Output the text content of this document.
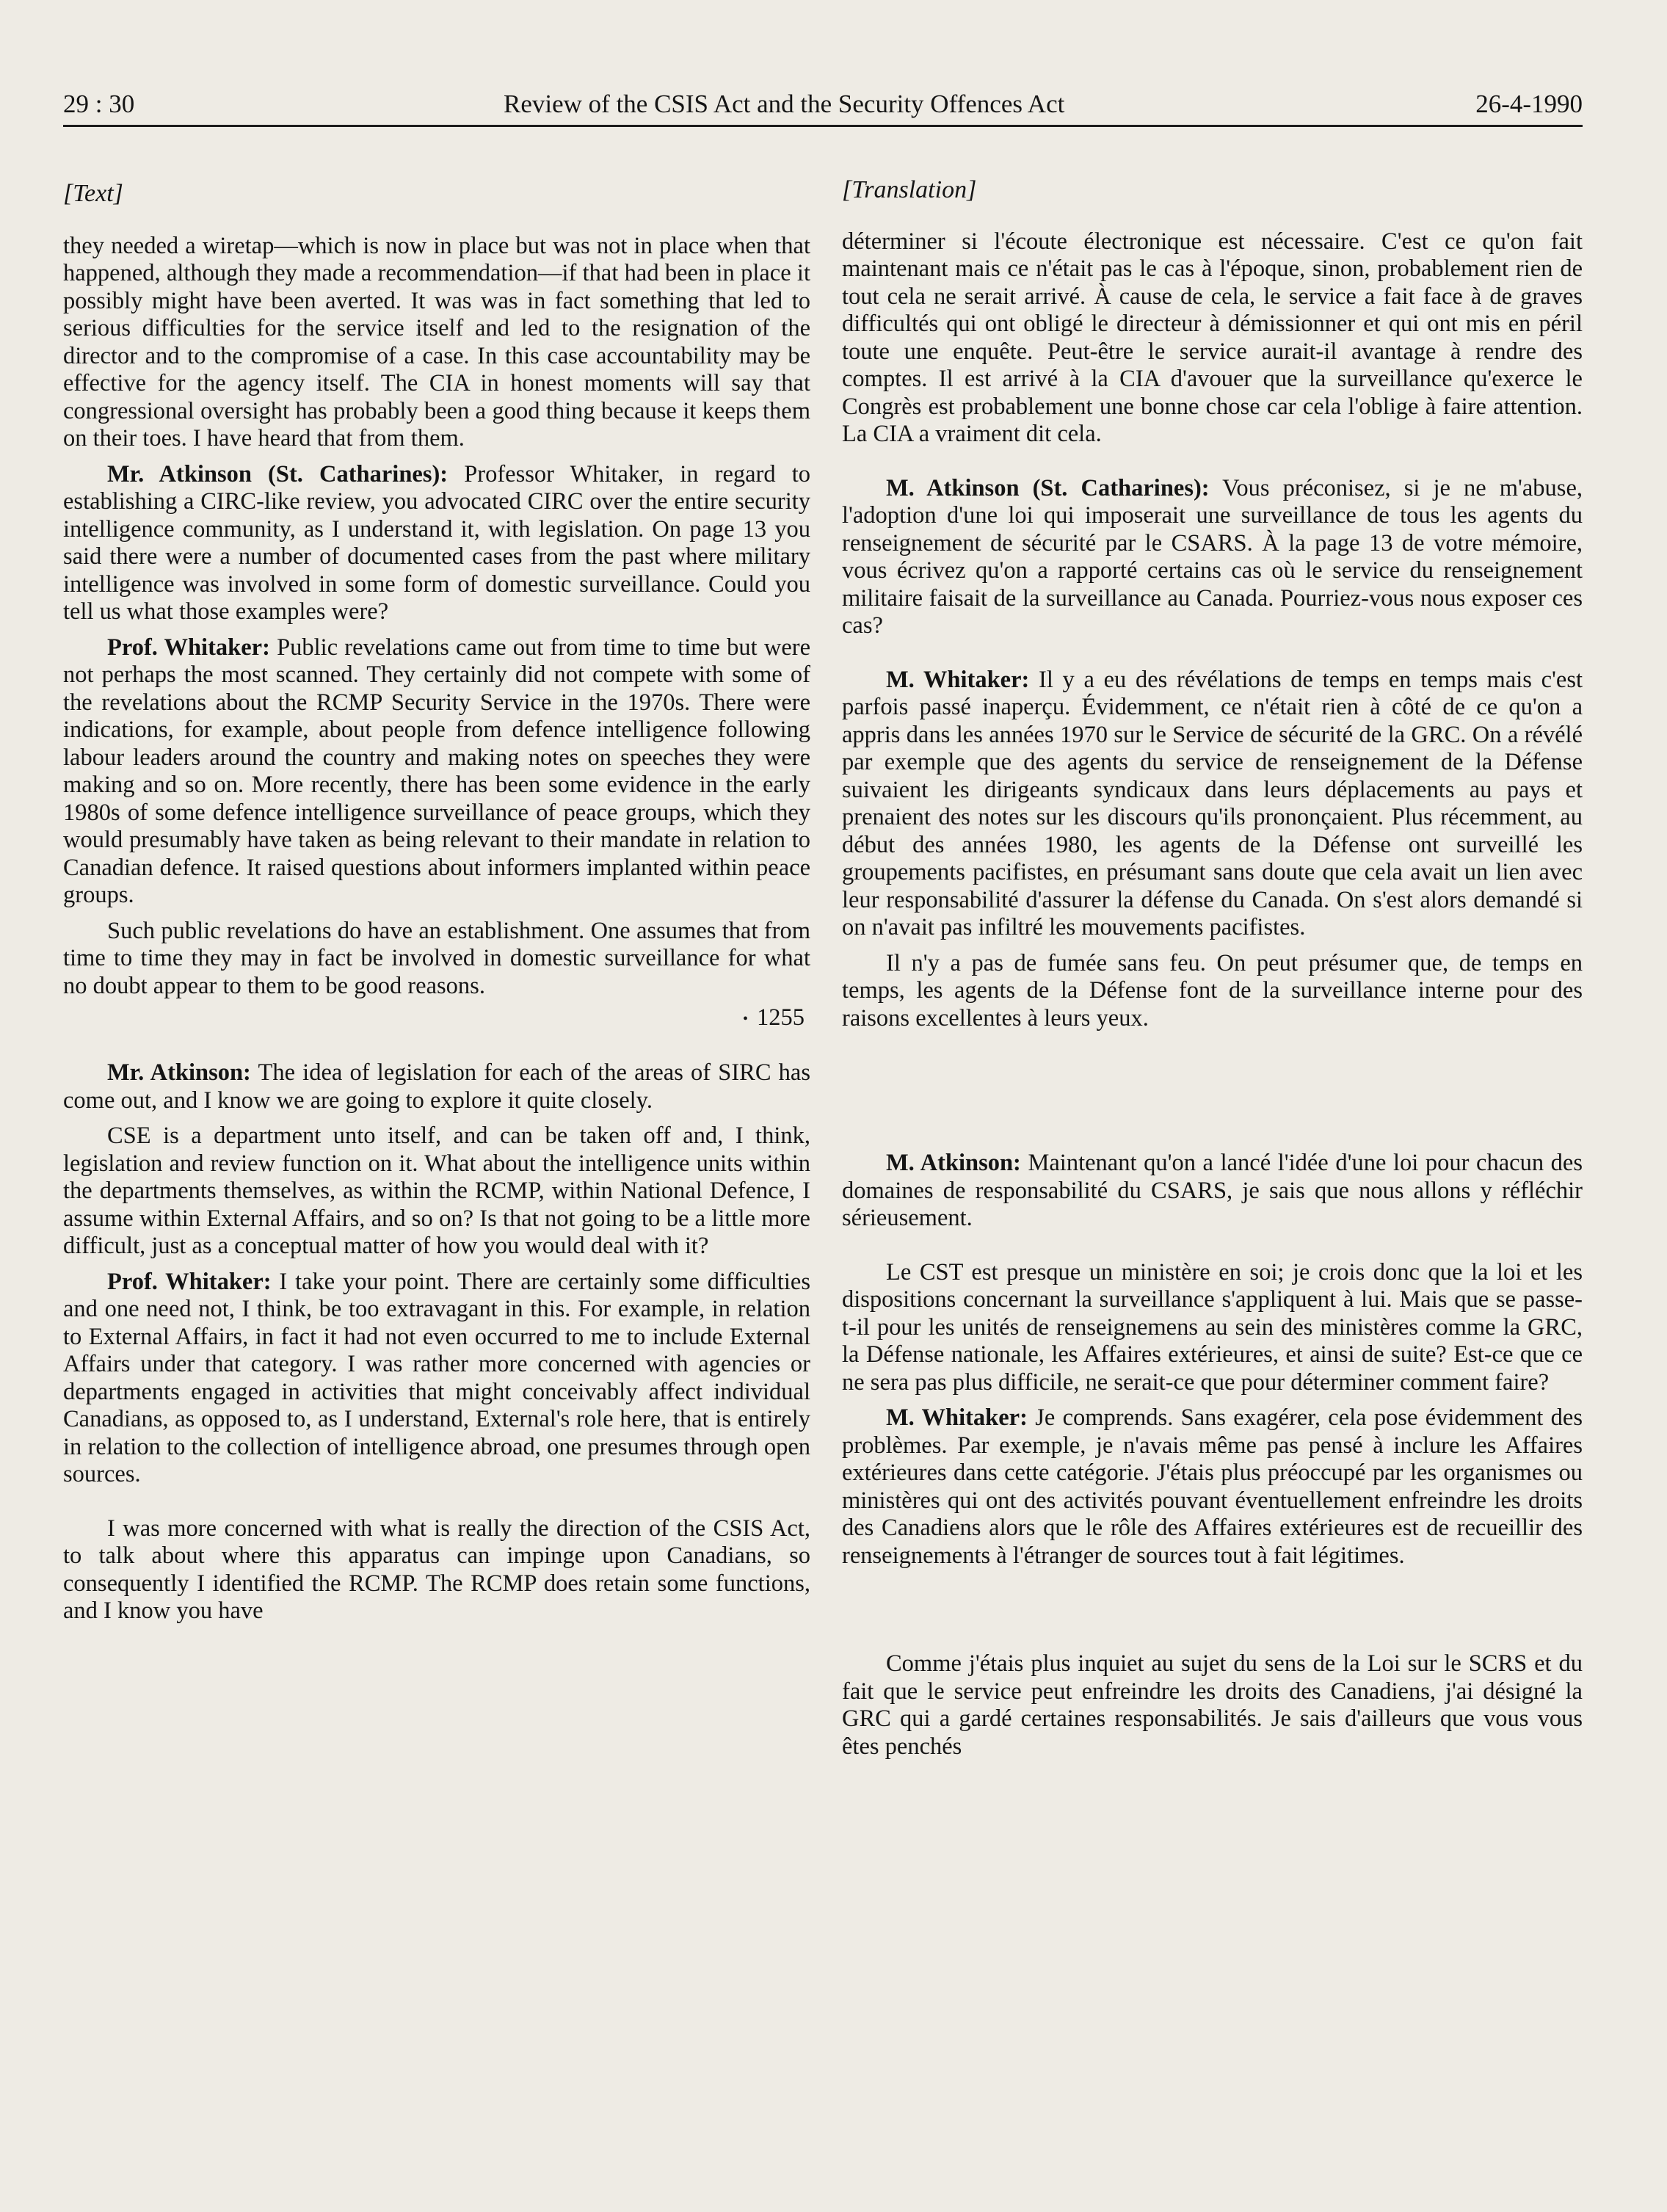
29 : 30	Review of the CSIS Act and the Security Offences Act	26-4-1990
[Text]

they needed a wiretap—which is now in place but was not in place when that happened, although they made a recommendation—if that had been in place it possibly might have been averted. It was was in fact something that led to serious difficulties for the service itself and led to the resignation of the director and to the compromise of a case. In this case accountability may be effective for the agency itself. The CIA in honest moments will say that congressional oversight has probably been a good thing because it keeps them on their toes. I have heard that from them.

Mr. Atkinson (St. Catharines): Professor Whitaker, in regard to establishing a CIRC-like review, you advocated CIRC over the entire security intelligence community, as I understand it, with legislation. On page 13 you said there were a number of documented cases from the past where military intelligence was involved in some form of domestic surveillance. Could you tell us what those examples were?

Prof. Whitaker: Public revelations came out from time to time but were not perhaps the most scanned. They certainly did not compete with some of the revelations about the RCMP Security Service in the 1970s. There were indications, for example, about people from defence intelligence following labour leaders around the country and making notes on speeches they were making and so on. More recently, there has been some evidence in the early 1980s of some defence intelligence surveillance of peace groups, which they would presumably have taken as being relevant to their mandate in relation to Canadian defence. It raised questions about informers implanted within peace groups.

Such public revelations do have an establishment. One assumes that from time to time they may in fact be involved in domestic surveillance for what no doubt appear to them to be good reasons.

• 1255

Mr. Atkinson: The idea of legislation for each of the areas of SIRC has come out, and I know we are going to explore it quite closely.

CSE is a department unto itself, and can be taken off and, I think, legislation and review function on it. What about the intelligence units within the departments themselves, as within the RCMP, within National Defence, I assume within External Affairs, and so on? Is that not going to be a little more difficult, just as a conceptual matter of how you would deal with it?

Prof. Whitaker: I take your point. There are certainly some difficulties and one need not, I think, be too extravagant in this. For example, in relation to External Affairs, in fact it had not even occurred to me to include External Affairs under that category. I was rather more concerned with agencies or departments engaged in activities that might conceivably affect individual Canadians, as opposed to, as I understand, External's role here, that is entirely in relation to the collection of intelligence abroad, one presumes through open sources.

I was more concerned with what is really the direction of the CSIS Act, to talk about where this apparatus can impinge upon Canadians, so consequently I identified the RCMP. The RCMP does retain some functions, and I know you have

[Translation]

déterminer si l'écoute électronique est nécessaire. C'est ce qu'on fait maintenant mais ce n'était pas le cas à l'époque, sinon, probablement rien de tout cela ne serait arrivé. À cause de cela, le service a fait face à de graves difficultés qui ont obligé le directeur à démissionner et qui ont mis en péril toute une enquête. Peut-être le service aurait-il avantage à rendre des comptes. Il est arrivé à la CIA d'avouer que la surveillance qu'exerce le Congrès est probablement une bonne chose car cela l'oblige à faire attention. La CIA a vraiment dit cela.

M. Atkinson (St. Catharines): Vous préconisez, si je ne m'abuse, l'adoption d'une loi qui imposerait une surveillance de tous les agents du renseignement de sécurité par le CSARS. À la page 13 de votre mémoire, vous écrivez qu'on a rapporté certains cas où le service du renseignement militaire faisait de la surveillance au Canada. Pourriez-vous nous exposer ces cas?

M. Whitaker: Il y a eu des révélations de temps en temps mais c'est parfois passé inaperçu. Évidemment, ce n'était rien à côté de ce qu'on a appris dans les années 1970 sur le Service de sécurité de la GRC. On a révélé par exemple que des agents du service de renseignement de la Défense suivaient les dirigeants syndicaux dans leurs déplacements au pays et prenaient des notes sur les discours qu'ils prononçaient. Plus récemment, au début des années 1980, les agents de la Défense ont surveillé les groupements pacifistes, en présumant sans doute que cela avait un lien avec leur responsabilité d'assurer la défense du Canada. On s'est alors demandé si on n'avait pas infiltré les mouvements pacifistes.

Il n'y a pas de fumée sans feu. On peut présumer que, de temps en temps, les agents de la Défense font de la surveillance interne pour des raisons excellentes à leurs yeux.

M. Atkinson: Maintenant qu'on a lancé l'idée d'une loi pour chacun des domaines de responsabilité du CSARS, je sais que nous allons y réfléchir sérieusement.

Le CST est presque un ministère en soi; je crois donc que la loi et les dispositions concernant la surveillance s'appliquent à lui. Mais que se passe-t-il pour les unités de renseignemens au sein des ministères comme la GRC, la Défense nationale, les Affaires extérieures, et ainsi de suite? Est-ce que ce ne sera pas plus difficile, ne serait-ce que pour déterminer comment faire?

M. Whitaker: Je comprends. Sans exagérer, cela pose évidemment des problèmes. Par exemple, je n'avais même pas pensé à inclure les Affaires extérieures dans cette catégorie. J'étais plus préoccupé par les organismes ou ministères qui ont des activités pouvant éventuellement enfreindre les droits des Canadiens alors que le rôle des Affaires extérieures est de recueillir des renseignements à l'étranger de sources tout à fait légitimes.

Comme j'étais plus inquiet au sujet du sens de la Loi sur le SCRS et du fait que le service peut enfreindre les droits des Canadiens, j'ai désigné la GRC qui a gardé certaines responsabilités. Je sais d'ailleurs que vous vous êtes penchés
